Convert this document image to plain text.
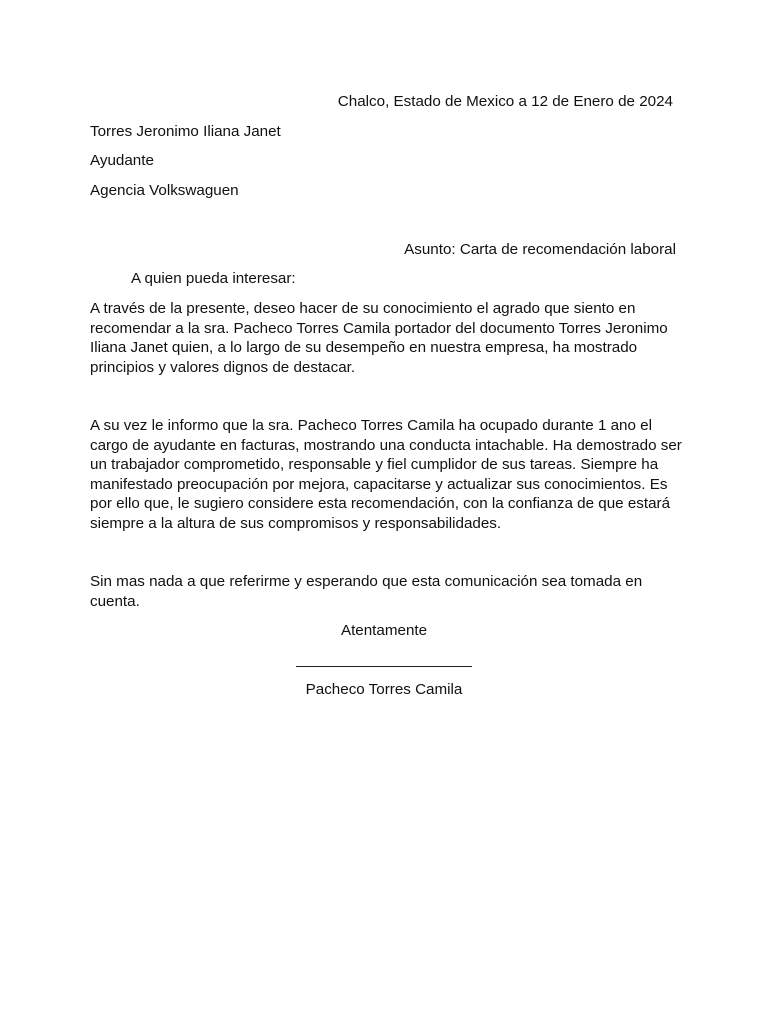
Chalco, Estado de Mexico a 12 de Enero de 2024
Torres Jeronimo Iliana Janet
Ayudante
Agencia Volkswaguen
Asunto: Carta de recomendación laboral
A quien pueda interesar:
A través de la presente, deseo hacer de su conocimiento el agrado que siento en recomendar a la sra. Pacheco Torres Camila portador del documento Torres Jeronimo Iliana Janet quien, a lo largo de su desempeño en nuestra empresa, ha mostrado principios y valores dignos de destacar.
A su vez le informo que la sra. Pacheco Torres Camila ha ocupado durante 1 ano el cargo de ayudante en facturas, mostrando una conducta intachable. Ha demostrado ser un trabajador comprometido, responsable y fiel cumplidor de sus tareas. Siempre ha manifestado preocupación por mejora, capacitarse y actualizar sus conocimientos. Es por ello que, le sugiero considere esta recomendación, con la confianza de que estará siempre a la altura de sus compromisos y responsabilidades.
Sin mas nada a que referirme y esperando que esta comunicación sea tomada en cuenta.
Atentamente
Pacheco Torres Camila
